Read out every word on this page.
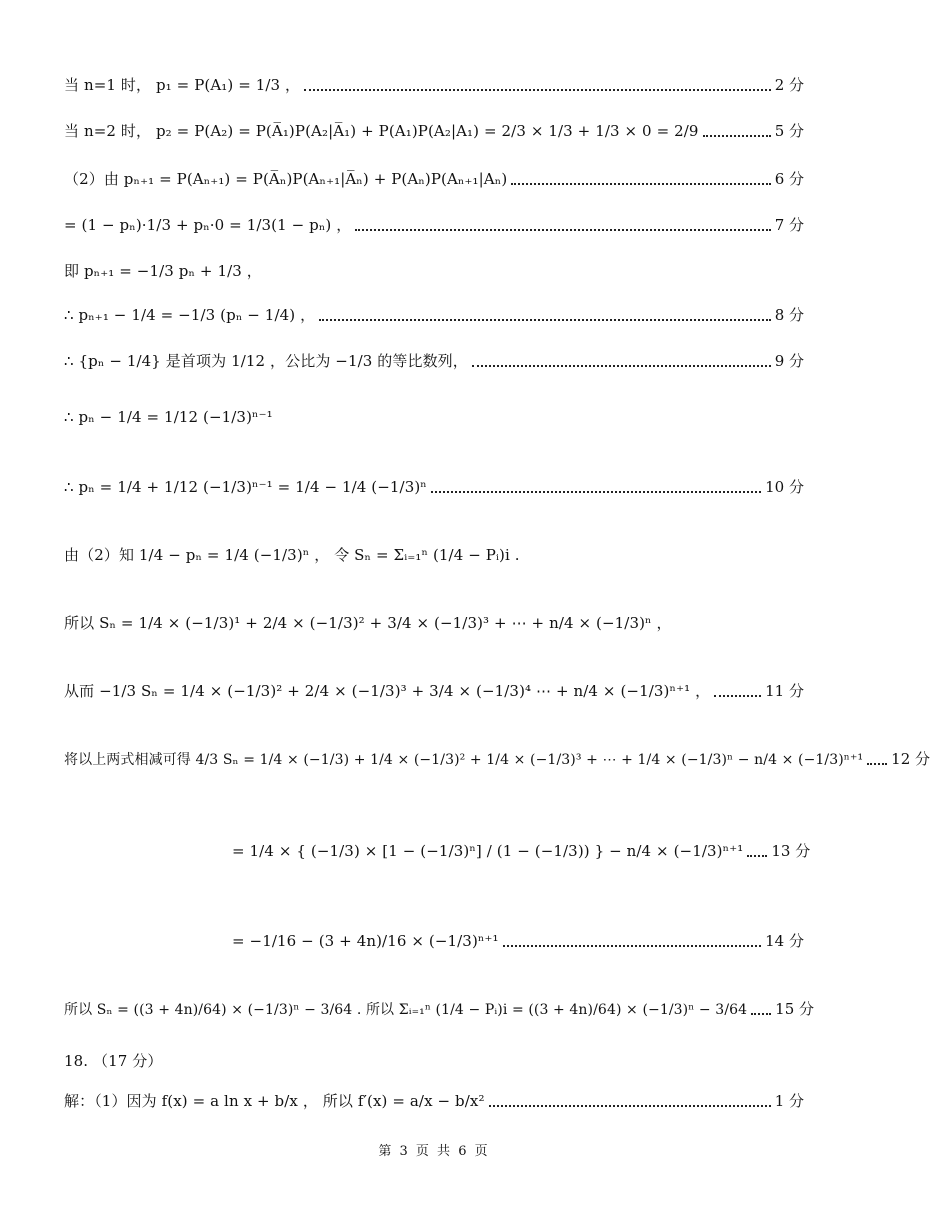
当 n=1 时， p₁ = P(A₁) = 1/3 ，	2 分
当 n=2 时， p₂ = P(A₂) = P(A̅₁)P(A₂|A̅₁) + P(A₁)P(A₂|A₁) = 2/3 × 1/3 + 1/3 × 0 = 2/9	5 分
（2）由 pₙ₊₁ = P(Aₙ₊₁) = P(A̅ₙ)P(Aₙ₊₁|A̅ₙ) + P(Aₙ)P(Aₙ₊₁|Aₙ)	6 分
= (1 − pₙ)·1/3 + pₙ·0 = 1/3(1 − pₙ) ，	7 分
即 pₙ₊₁ = −1/3 pₙ + 1/3 ，
∴ pₙ₊₁ − 1/4 = −1/3 (pₙ − 1/4) ，	8 分
∴ {pₙ − 1/4} 是首项为 1/12 ，公比为 −1/3 的等比数列，	9 分
∴ pₙ − 1/4 = 1/12 (−1/3)ⁿ⁻¹
∴ pₙ = 1/4 + 1/12 (−1/3)ⁿ⁻¹ = 1/4 − 1/4 (−1/3)ⁿ	10 分
由（2）知 1/4 − pₙ = 1/4 (−1/3)ⁿ ， 令 Sₙ = Σᵢ₌₁ⁿ (1/4 − Pᵢ)i .
所以 Sₙ = 1/4 × (−1/3)¹ + 2/4 × (−1/3)² + 3/4 × (−1/3)³ + ⋯ + n/4 × (−1/3)ⁿ ，
从而 −1/3 Sₙ = 1/4 × (−1/3)² + 2/4 × (−1/3)³ + 3/4 × (−1/3)⁴ ⋯ + n/4 × (−1/3)ⁿ⁺¹ ，	11 分
将以上两式相减可得 4/3 Sₙ = 1/4 × (−1/3) + 1/4 × (−1/3)² + 1/4 × (−1/3)³ + ⋯ + 1/4 × (−1/3)ⁿ − n/4 × (−1/3)ⁿ⁺¹ 12 分
= 1/4 × { (−1/3) × [1 − (−1/3)ⁿ] / (1 − (−1/3)) } − n/4 × (−1/3)ⁿ⁺¹ 13 分
= −1/16 − (3 + 4n)/16 × (−1/3)ⁿ⁺¹	14 分
所以 Sₙ = ((3 + 4n)/64) × (−1/3)ⁿ − 3/64 . 所以 Σᵢ₌₁ⁿ (1/4 − Pᵢ)i = ((3 + 4n)/64) × (−1/3)ⁿ − 3/64 15 分
18. （17 分）
解：（1）因为 f(x) = a ln x + b/x ， 所以 f′(x) = a/x − b/x²	1 分
第 3 页 共 6 页
